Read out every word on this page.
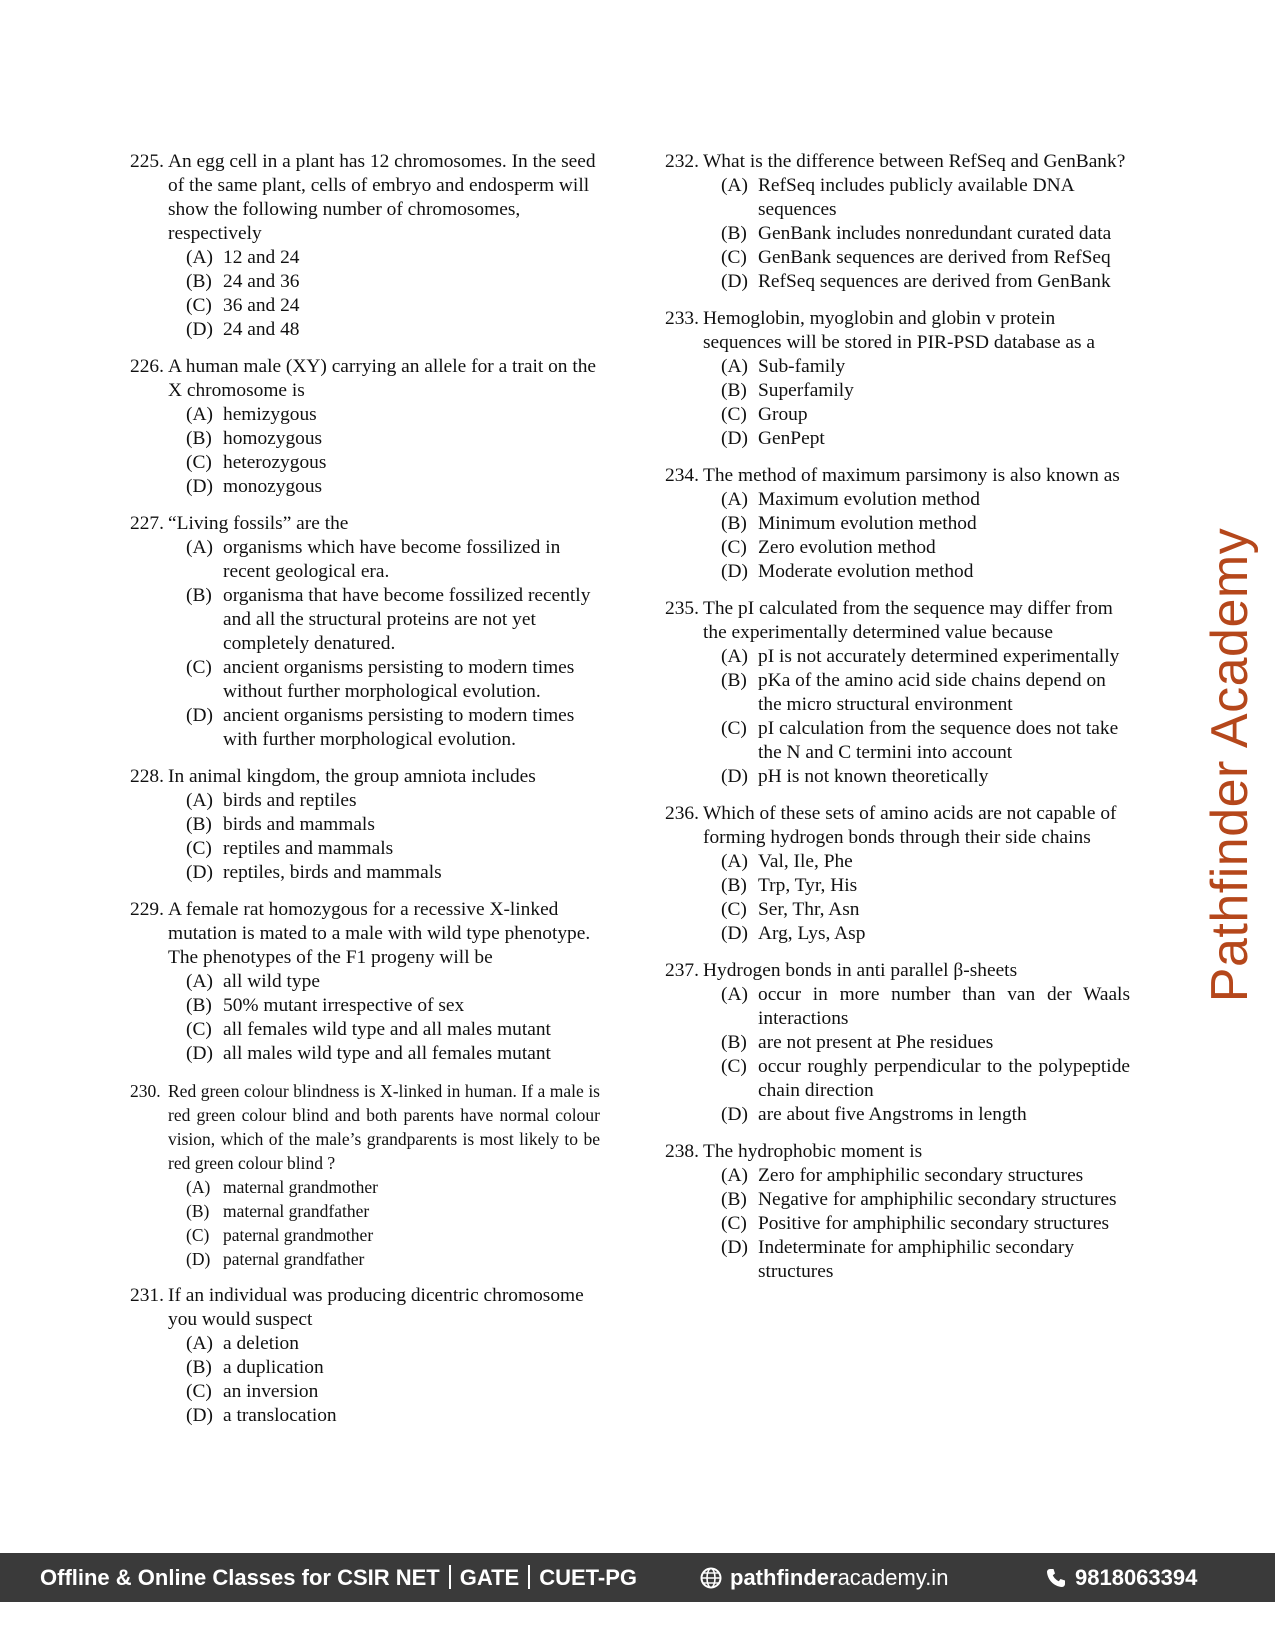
225. An egg cell in a plant has 12 chromosomes. In the seed of the same plant, cells of embryo and endosperm will show the following number of chromosomes, respectively
(A) 12 and 24
(B) 24 and 36
(C) 36 and 24
(D) 24 and 48
226. A human male (XY) carrying an allele for a trait on the X chromosome is
(A) hemizygous
(B) homozygous
(C) heterozygous
(D) monozygous
227. “Living fossils” are the
(A) organisms which have become fossilized in recent geological era.
(B) organisma that have become fossilized recently and all the structural proteins are not yet completely denatured.
(C) ancient organisms persisting to modern times without further morphological evolution.
(D) ancient organisms persisting to modern times with further morphological evolution.
228. In animal kingdom, the group amniota includes
(A) birds and reptiles
(B) birds and mammals
(C) reptiles and mammals
(D) reptiles, birds and mammals
229. A female rat homozygous for a recessive X-linked mutation is mated to a male with wild type phenotype. The phenotypes of the F1 progeny will be
(A) all wild type
(B) 50% mutant irrespective of sex
(C) all females wild type and all males mutant
(D) all males wild type and all females mutant
230. Red green colour blindness is X-linked in human. If a male is red green colour blind and both parents have normal colour vision, which of the male’s grandparents is most likely to be red green colour blind ?
(A) maternal grandmother
(B) maternal grandfather
(C) paternal grandmother
(D) paternal grandfather
231. If an individual was producing dicentric chromosome you would suspect
(A) a deletion
(B) a duplication
(C) an inversion
(D) a translocation
232. What is the difference between RefSeq and GenBank?
(A) RefSeq includes publicly available DNA sequences
(B) GenBank includes nonredundant curated data
(C) GenBank sequences are derived from RefSeq
(D) RefSeq sequences are derived from GenBank
233. Hemoglobin, myoglobin and globin v protein sequences will be stored in PIR-PSD database as a
(A) Sub-family
(B) Superfamily
(C) Group
(D) GenPept
234. The method of maximum parsimony is also known as
(A) Maximum evolution method
(B) Minimum evolution method
(C) Zero evolution method
(D) Moderate evolution method
235. The pI calculated from the sequence may differ from the experimentally determined value because
(A) pI is not accurately determined experimentally
(B) pKa of the amino acid side chains depend on the micro structural environment
(C) pI calculation from the sequence does not take the N and C termini into account
(D) pH is not known theoretically
236. Which of these sets of amino acids are not capable of forming hydrogen bonds through their side chains
(A) Val, Ile, Phe
(B) Trp, Tyr, His
(C) Ser, Thr, Asn
(D) Arg, Lys, Asp
237. Hydrogen bonds in anti parallel β-sheets
(A) occur in more number than van der Waals interactions
(B) are not present at Phe residues
(C) occur roughly perpendicular to the polypeptide chain direction
(D) are about five Angstroms in length
238. The hydrophobic moment is
(A) Zero for amphiphilic secondary structures
(B) Negative for amphiphilic secondary structures
(C) Positive for amphiphilic secondary structures
(D) Indeterminate for amphiphilic secondary structures
Pathfinder Academy
Offline & Online Classes for CSIR NET GATE CUET-PG	pathfinderacademy.in	9818063394
